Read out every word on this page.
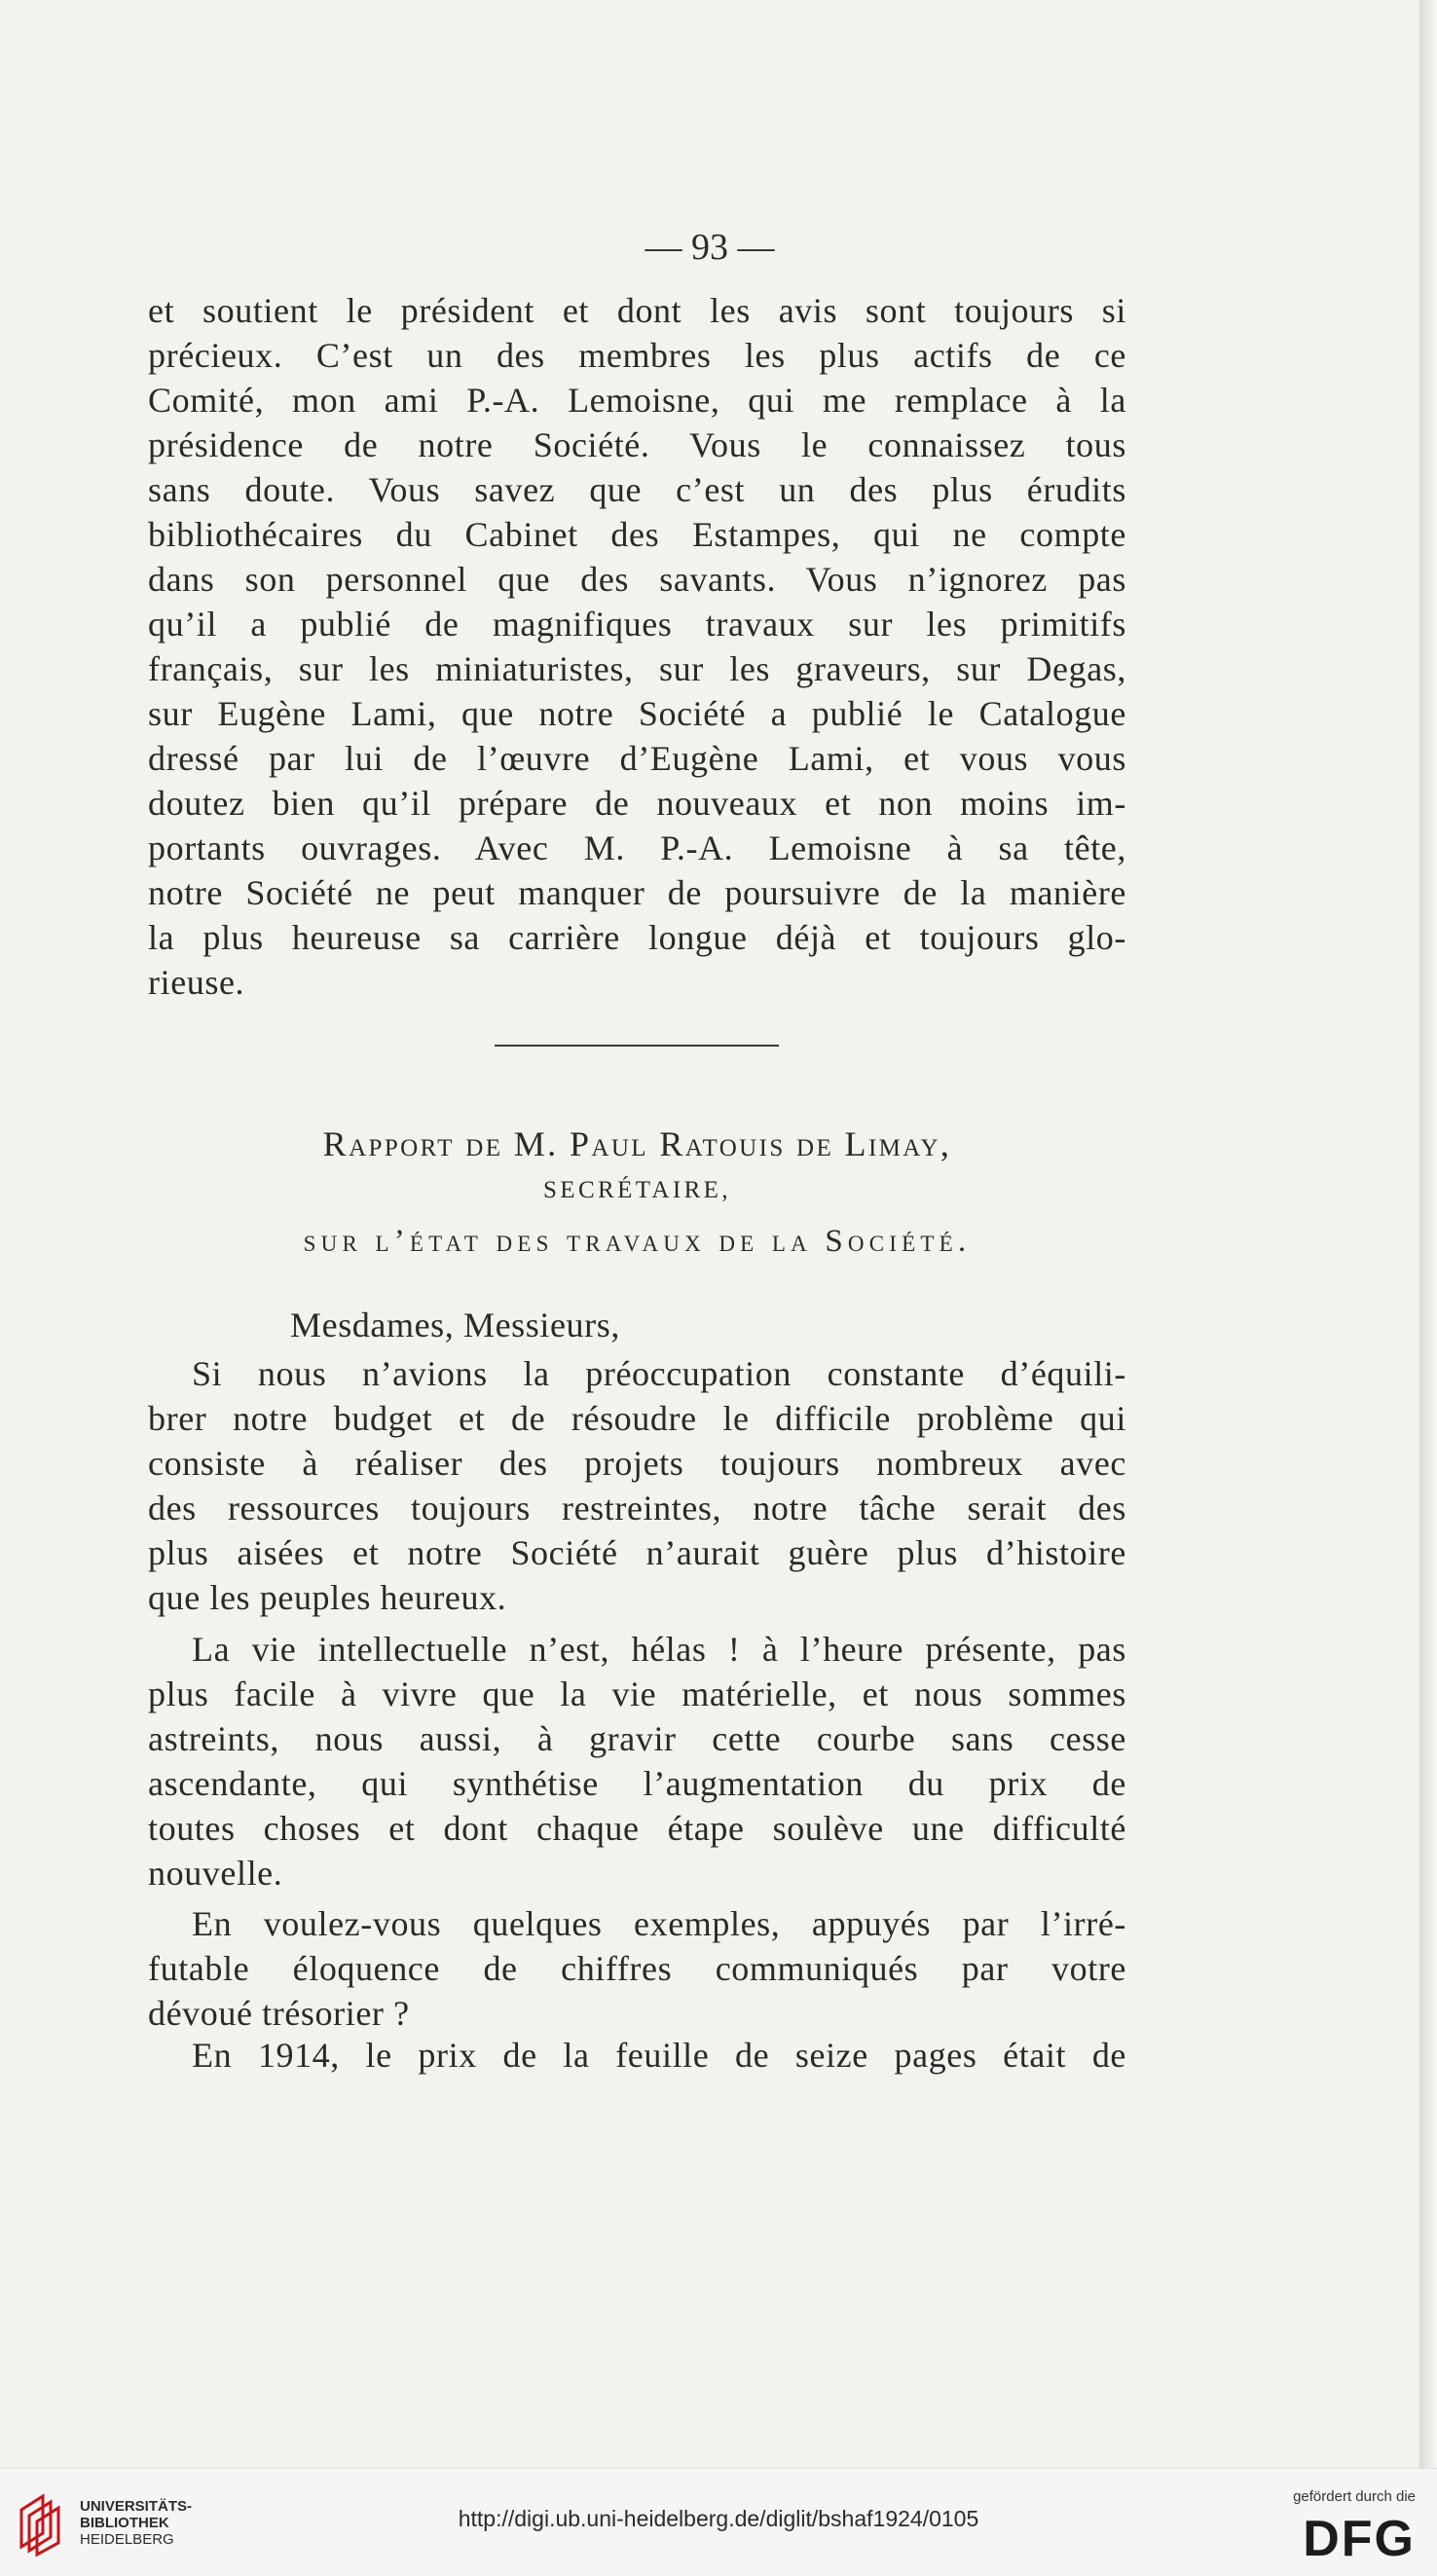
— 93 —
et soutient le président et dont les avis sont toujours si
précieux. C’est un des membres les plus actifs de ce
Comité, mon ami P.-A. Lemoisne, qui me remplace à la
présidence de notre Société. Vous le connaissez tous
sans doute. Vous savez que c’est un des plus érudits
bibliothécaires du Cabinet des Estampes, qui ne compte
dans son personnel que des savants. Vous n’ignorez pas
qu’il a publié de magnifiques travaux sur les primitifs
français, sur les miniaturistes, sur les graveurs, sur Degas,
sur Eugène Lami, que notre Société a publié le Catalogue
dressé par lui de l’œuvre d’Eugène Lami, et vous vous
doutez bien qu’il prépare de nouveaux et non moins im-
portants ouvrages. Avec M. P.-A. Lemoisne à sa tête,
notre Société ne peut manquer de poursuivre de la manière
la plus heureuse sa carrière longue déjà et toujours glo-
rieuse.
Rapport de M. Paul Ratouis de Limay,
SECRÉTAIRE,
sur l’état des travaux de la Société.
Mesdames, Messieurs,
Si nous n’avions la préoccupation constante d’équili-
brer notre budget et de résoudre le difficile problème qui
consiste à réaliser des projets toujours nombreux avec
des ressources toujours restreintes, notre tâche serait des
plus aisées et notre Société n’aurait guère plus d’histoire
que les peuples heureux.
La vie intellectuelle n’est, hélas ! à l’heure présente, pas
plus facile à vivre que la vie matérielle, et nous sommes
astreints, nous aussi, à gravir cette courbe sans cesse
ascendante, qui synthétise l’augmentation du prix de
toutes choses et dont chaque étape soulève une difficulté
nouvelle.
En voulez-vous quelques exemples, appuyés par l’irré-
futable éloquence de chiffres communiqués par votre
dévoué trésorier ?
En 1914, le prix de la feuille de seize pages était de
UNIVERSITÄTS-
BIBLIOTHEK
HEIDELBERG
http://digi.ub.uni-heidelberg.de/diglit/bshaf1924/0105
gefördert durch die
DFG
